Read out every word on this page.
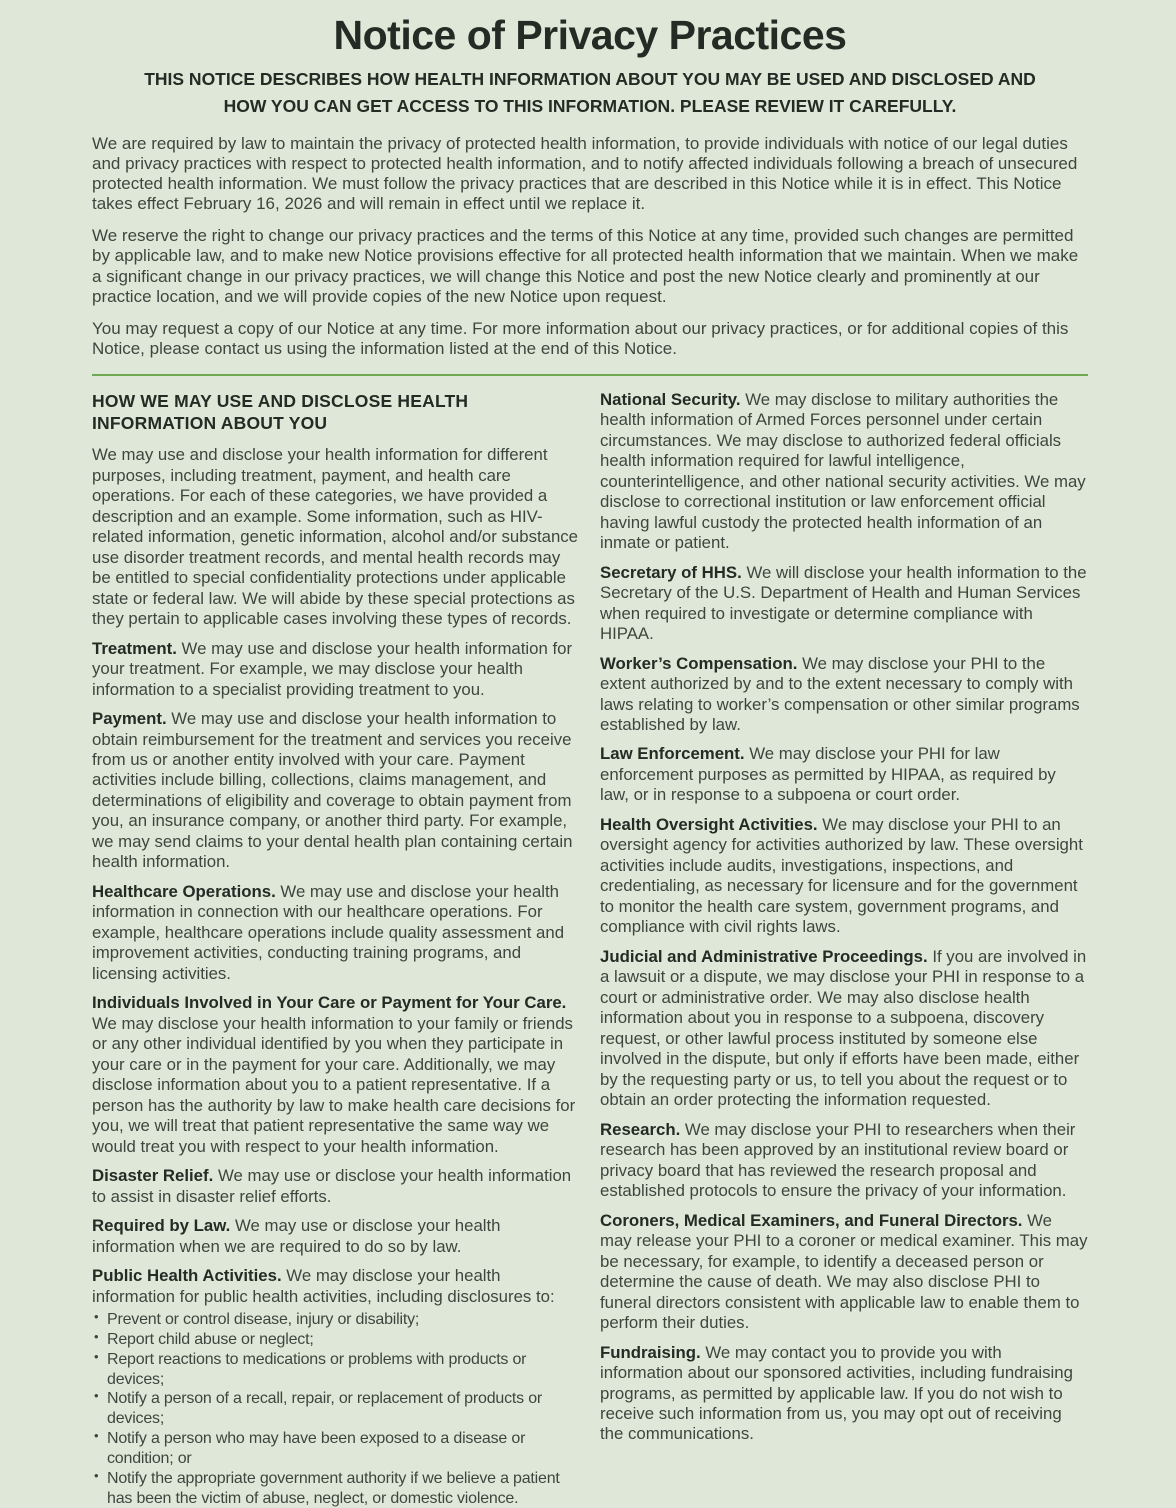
Notice of Privacy Practices
THIS NOTICE DESCRIBES HOW HEALTH INFORMATION ABOUT YOU MAY BE USED AND DISCLOSED AND
HOW YOU CAN GET ACCESS TO THIS INFORMATION. PLEASE REVIEW IT CAREFULLY.

We are required by law to maintain the privacy of protected health information, to provide individuals with notice of our legal duties and privacy practices with respect to protected health information, and to notify affected individuals following a breach of unsecured protected health information. We must follow the privacy practices that are described in this Notice while it is in effect. This Notice takes effect February 16, 2026 and will remain in effect until we replace it.

We reserve the right to change our privacy practices and the terms of this Notice at any time, provided such changes are permitted by applicable law, and to make new Notice provisions effective for all protected health information that we maintain. When we make a significant change in our privacy practices, we will change this Notice and post the new Notice clearly and prominently at our practice location, and we will provide copies of the new Notice upon request.

You may request a copy of our Notice at any time. For more information about our privacy practices, or for additional copies of this Notice, please contact us using the information listed at the end of this Notice.

HOW WE MAY USE AND DISCLOSE HEALTH INFORMATION ABOUT YOU

We may use and disclose your health information for different purposes, including treatment, payment, and health care operations. For each of these categories, we have provided a description and an example. Some information, such as HIV-related information, genetic information, alcohol and/or substance use disorder treatment records, and mental health records may be entitled to special confidentiality protections under applicable state or federal law. We will abide by these special protections as they pertain to applicable cases involving these types of records.

Treatment. We may use and disclose your health information for your treatment. For example, we may disclose your health information to a specialist providing treatment to you.

Payment. We may use and disclose your health information to obtain reimbursement for the treatment and services you receive from us or another entity involved with your care. Payment activities include billing, collections, claims management, and determinations of eligibility and coverage to obtain payment from you, an insurance company, or another third party. For example, we may send claims to your dental health plan containing certain health information.

Healthcare Operations. We may use and disclose your health information in connection with our healthcare operations. For example, healthcare operations include quality assessment and improvement activities, conducting training programs, and licensing activities.

Individuals Involved in Your Care or Payment for Your Care. We may disclose your health information to your family or friends or any other individual identified by you when they participate in your care or in the payment for your care. Additionally, we may disclose information about you to a patient representative. If a person has the authority by law to make health care decisions for you, we will treat that patient representative the same way we would treat you with respect to your health information.

Disaster Relief. We may use or disclose your health information to assist in disaster relief efforts.

Required by Law. We may use or disclose your health information when we are required to do so by law.

Public Health Activities. We may disclose your health information for public health activities, including disclosures to:

• Prevent or control disease, injury or disability;
• Report child abuse or neglect;
• Report reactions to medications or problems with products or devices;
• Notify a person of a recall, repair, or replacement of products or devices;
• Notify a person who may have been exposed to a disease or condition; or
• Notify the appropriate government authority if we believe a patient has been the victim of abuse, neglect, or domestic violence.

National Security. We may disclose to military authorities the health information of Armed Forces personnel under certain circumstances. We may disclose to authorized federal officials health information required for lawful intelligence, counterintelligence, and other national security activities. We may disclose to correctional institution or law enforcement official having lawful custody the protected health information of an inmate or patient.

Secretary of HHS. We will disclose your health information to the Secretary of the U.S. Department of Health and Human Services when required to investigate or determine compliance with HIPAA.

Worker’s Compensation. We may disclose your PHI to the extent authorized by and to the extent necessary to comply with laws relating to worker’s compensation or other similar programs established by law.

Law Enforcement. We may disclose your PHI for law enforcement purposes as permitted by HIPAA, as required by law, or in response to a subpoena or court order.

Health Oversight Activities. We may disclose your PHI to an oversight agency for activities authorized by law. These oversight activities include audits, investigations, inspections, and credentialing, as necessary for licensure and for the government to monitor the health care system, government programs, and compliance with civil rights laws.

Judicial and Administrative Proceedings. If you are involved in a lawsuit or a dispute, we may disclose your PHI in response to a court or administrative order. We may also disclose health information about you in response to a subpoena, discovery request, or other lawful process instituted by someone else involved in the dispute, but only if efforts have been made, either by the requesting party or us, to tell you about the request or to obtain an order protecting the information requested.

Research. We may disclose your PHI to researchers when their research has been approved by an institutional review board or privacy board that has reviewed the research proposal and established protocols to ensure the privacy of your information.

Coroners, Medical Examiners, and Funeral Directors. We may release your PHI to a coroner or medical examiner. This may be necessary, for example, to identify a deceased person or determine the cause of death. We may also disclose PHI to funeral directors consistent with applicable law to enable them to perform their duties.

Fundraising. We may contact you to provide you with information about our sponsored activities, including fundraising programs, as permitted by applicable law. If you do not wish to receive such information from us, you may opt out of receiving the communications.
